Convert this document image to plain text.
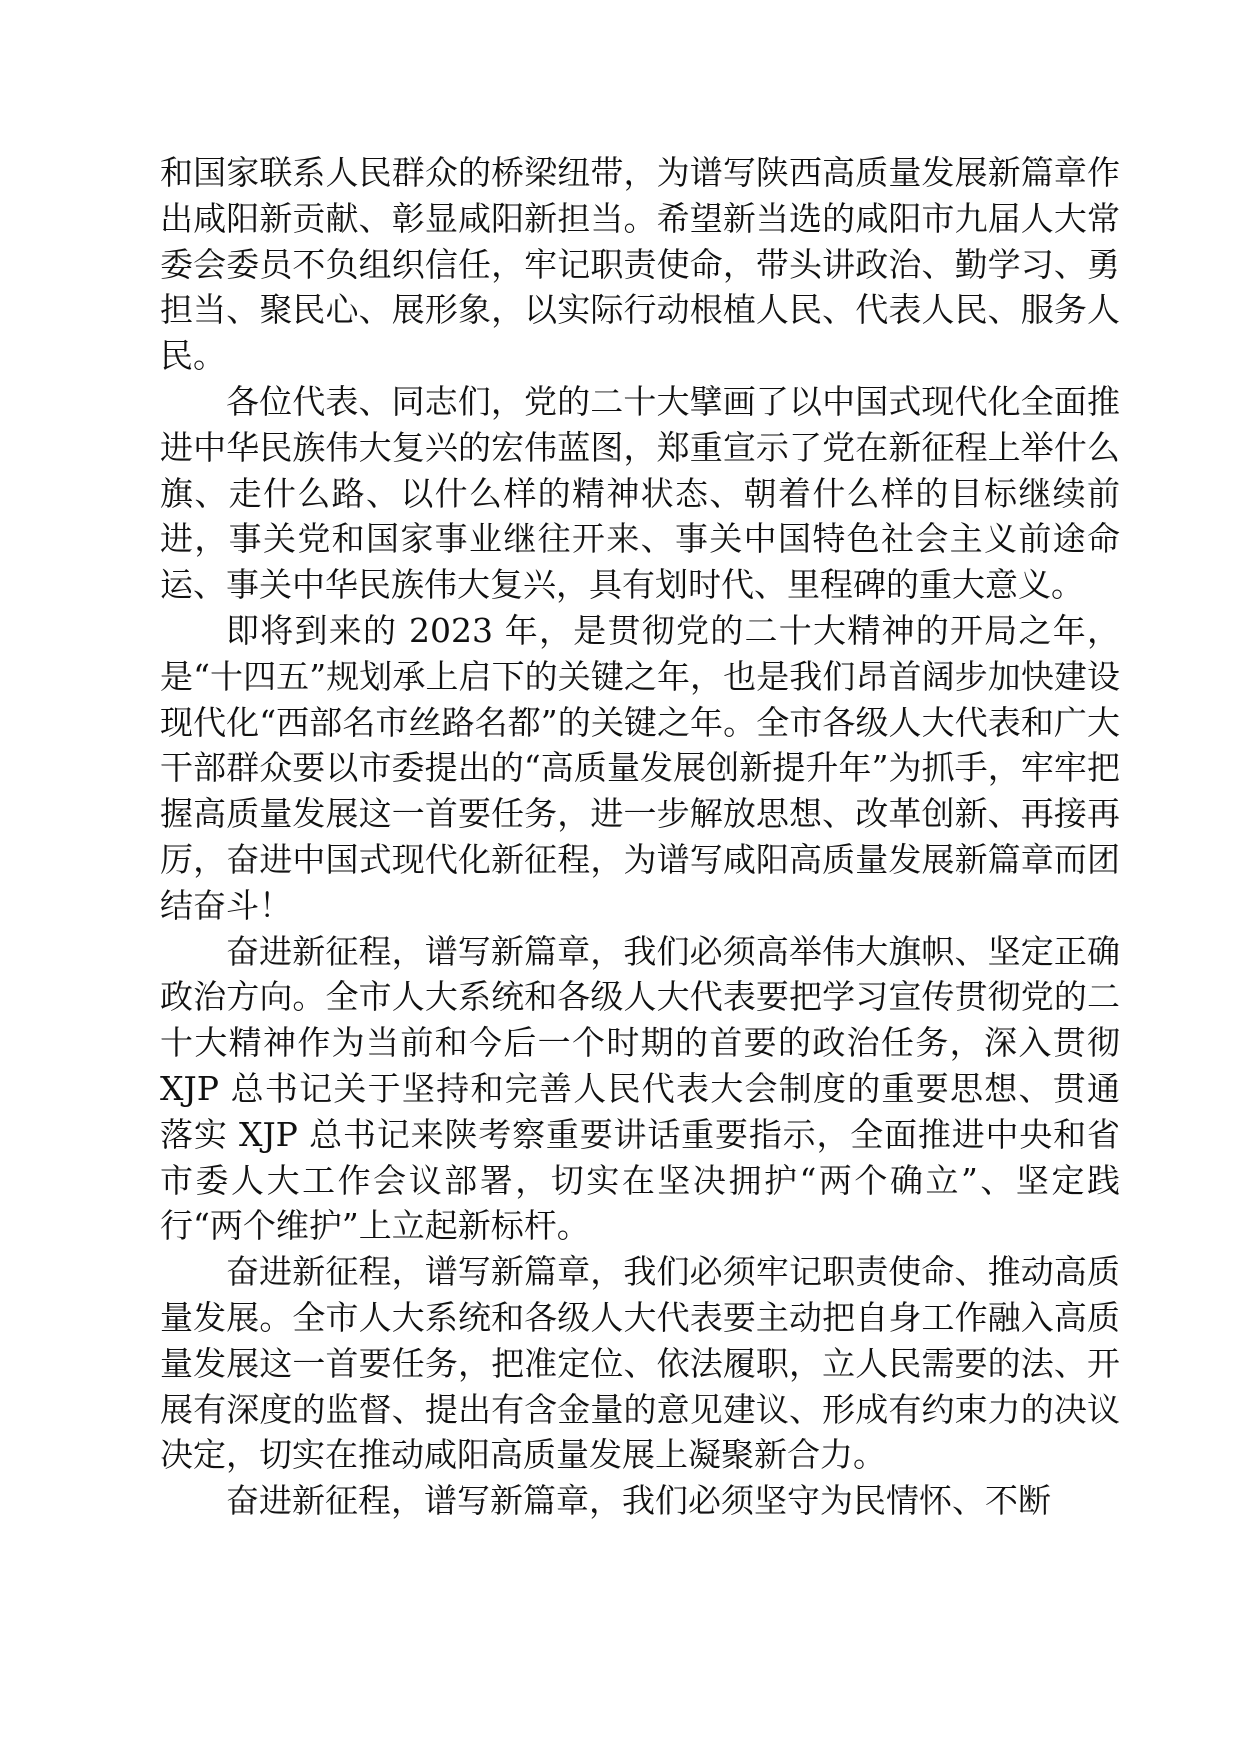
和国家联系人民群众的桥梁纽带，为谱写陕西高质量发展新篇章作出咸阳新贡献、彰显咸阳新担当。希望新当选的咸阳市九届人大常委会委员不负组织信任，牢记职责使命，带头讲政治、勤学习、勇担当、聚民心、展形象，以实际行动根植人民、代表人民、服务人民。

各位代表、同志们，党的二十大擘画了以中国式现代化全面推进中华民族伟大复兴的宏伟蓝图，郑重宣示了党在新征程上举什么旗、走什么路、以什么样的精神状态、朝着什么样的目标继续前进，事关党和国家事业继往开来、事关中国特色社会主义前途命运、事关中华民族伟大复兴，具有划时代、里程碑的重大意义。

即将到来的 2023 年，是贯彻党的二十大精神的开局之年，是“十四五”规划承上启下的关键之年，也是我们昂首阔步加快建设现代化“西部名市丝路名都”的关键之年。全市各级人大代表和广大干部群众要以市委提出的“高质量发展创新提升年”为抓手，牢牢把握高质量发展这一首要任务，进一步解放思想、改革创新、再接再厉，奋进中国式现代化新征程，为谱写咸阳高质量发展新篇章而团结奋斗！

奋进新征程，谱写新篇章，我们必须高举伟大旗帜、坚定正确政治方向。全市人大系统和各级人大代表要把学习宣传贯彻党的二十大精神作为当前和今后一个时期的首要的政治任务，深入贯彻 XJP 总书记关于坚持和完善人民代表大会制度的重要思想、贯通落实 XJP 总书记来陕考察重要讲话重要指示，全面推进中央和省市委人大工作会议部署，切实在坚决拥护“两个确立”、坚定践行“两个维护”上立起新标杆。

奋进新征程，谱写新篇章，我们必须牢记职责使命、推动高质量发展。全市人大系统和各级人大代表要主动把自身工作融入高质量发展这一首要任务，把准定位、依法履职，立人民需要的法、开展有深度的监督、提出有含金量的意见建议、形成有约束力的决议决定，切实在推动咸阳高质量发展上凝聚新合力。

奋进新征程，谱写新篇章，我们必须坚守为民情怀、不断
